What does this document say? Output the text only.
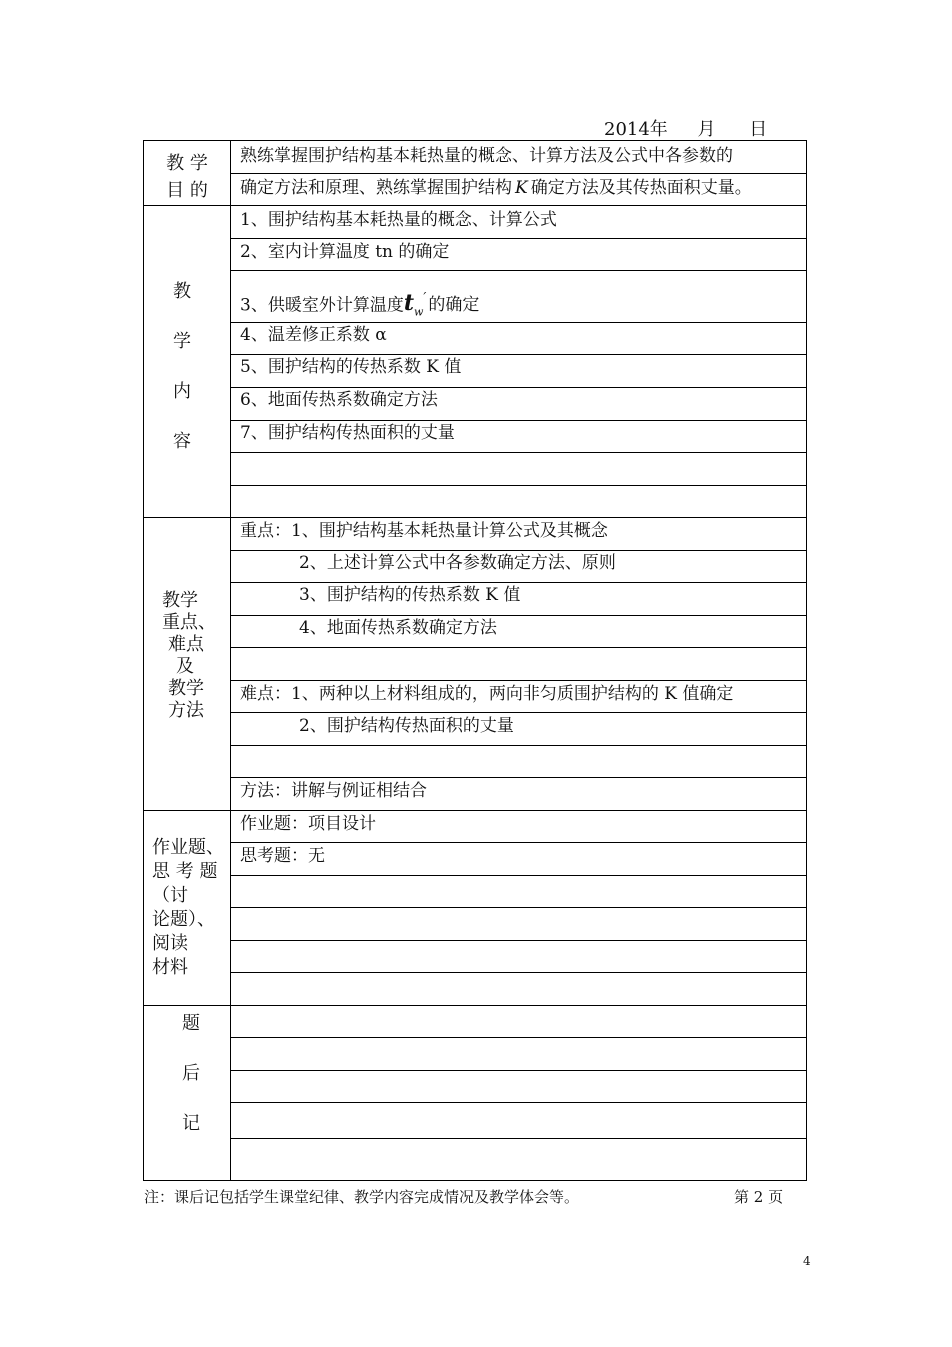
2014年 月 日
教 学
目 的
熟练掌握围护结构基本耗热量的概念、计算方法及公式中各参数的
确定方法和原理、熟练掌握围护结构 K 确定方法及其传热面积丈量。
教
学
内
容
1、围护结构基本耗热量的概念、计算公式
2、室内计算温度 tn 的确定
3、供暖室外计算温度$t_w'$ 的确定
4、温差修正系数 α
5、围护结构的传热系数 K 值
6、地面传热系数确定方法
7、围护结构传热面积的丈量
教学
重点、
难点
及
教学
方法
重点：1、围护结构基本耗热量计算公式及其概念
2、上述计算公式中各参数确定方法、原则
3、围护结构的传热系数 K 值
4、地面传热系数确定方法
难点：1、两种以上材料组成的，两向非匀质围护结构的 K 值确定
2、围护结构传热面积的丈量
方法：讲解与例证相结合
作业题、
思 考 题
（讨
论题）、
阅读
材料
作业题：项目设计
思考题：无
题
后
记
注：课后记包括学生课堂纪律、教学内容完成情况及教学体会等。	第 2 页
4
